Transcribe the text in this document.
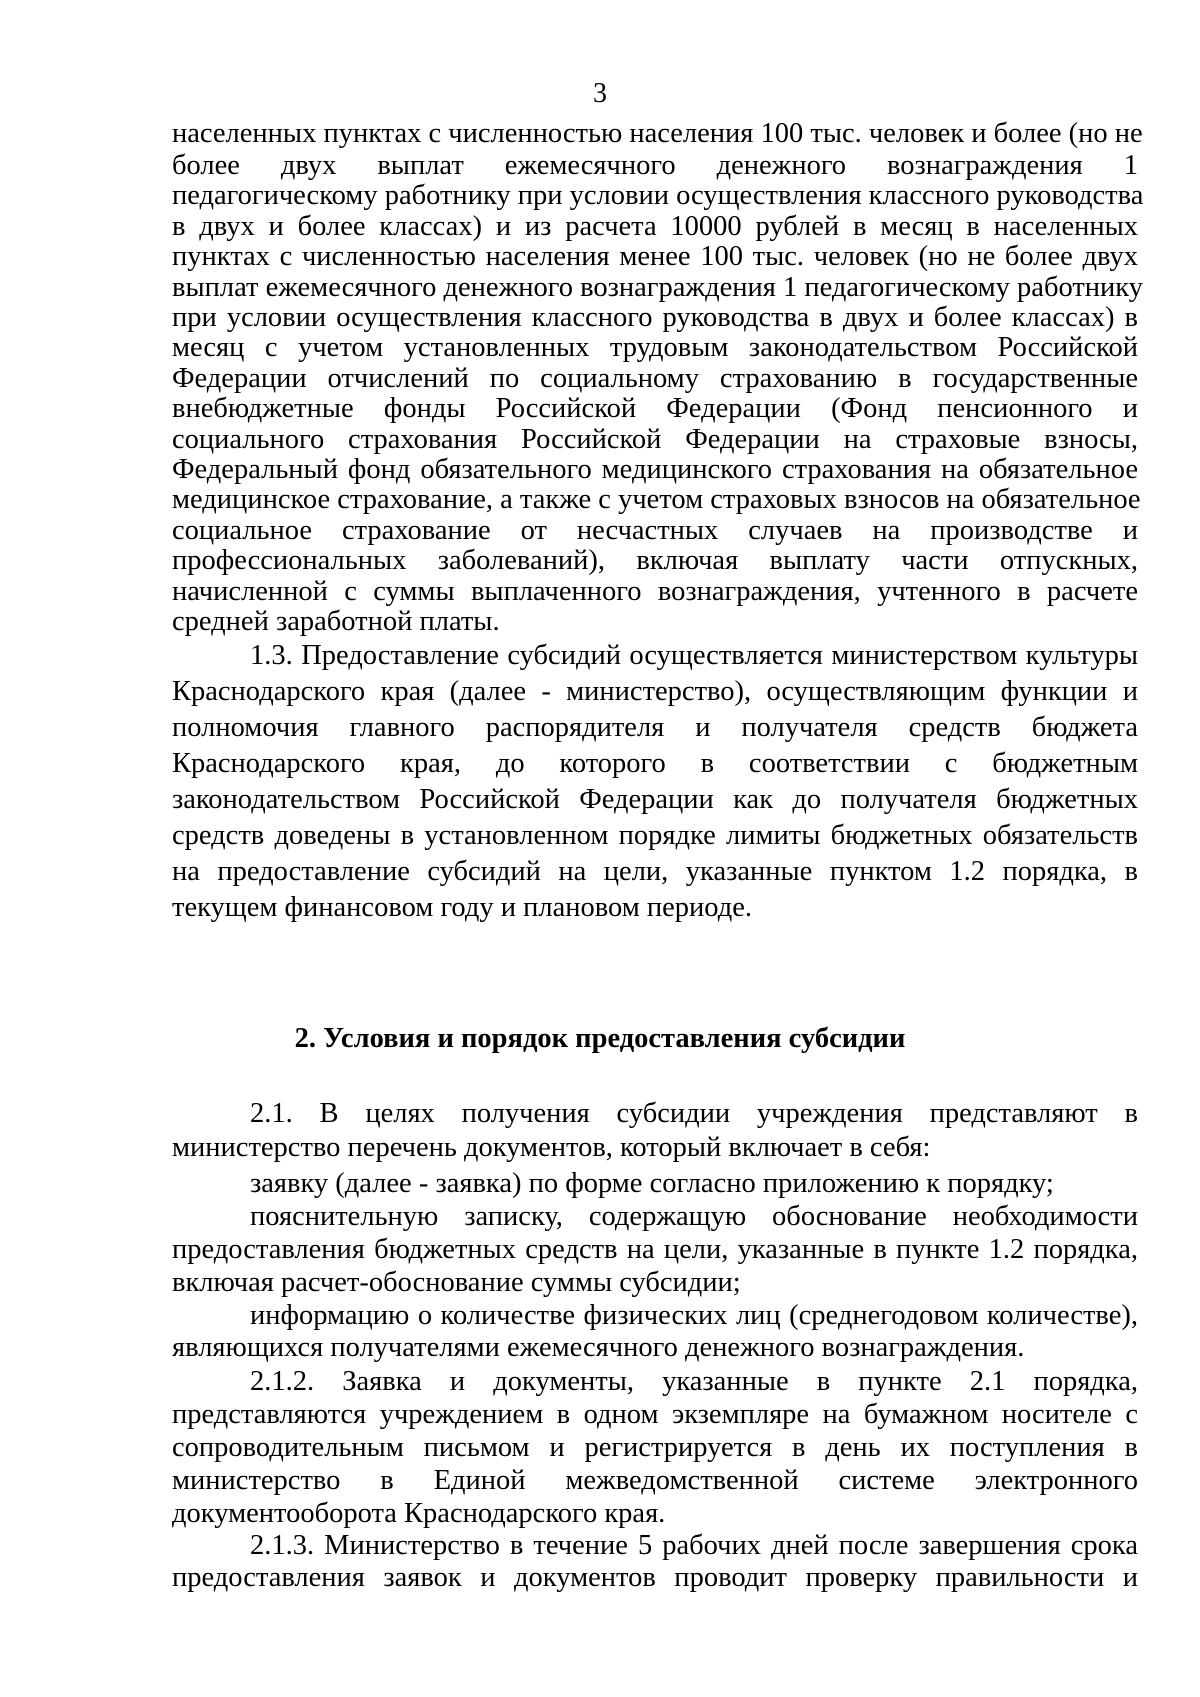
3
населенных пунктах с численностью населения 100 тыс. человек и более (но не
более двух выплат ежемесячного денежного вознаграждения 1
педагогическому работнику при условии осуществления классного руководства
в двух и более классах) и из расчета 10000 рублей в месяц в населенных
пунктах с численностью населения менее 100 тыс. человек (но не более двух
выплат ежемесячного денежного вознаграждения 1 педагогическому работнику
при условии осуществления классного руководства в двух и более классах) в
месяц с учетом установленных трудовым законодательством Российской
Федерации отчислений по социальному страхованию в государственные
внебюджетные фонды Российской Федерации (Фонд пенсионного и
социального страхования Российской Федерации на страховые взносы,
Федеральный фонд обязательного медицинского страхования на обязательное
медицинское страхование, а также с учетом страховых взносов на обязательное
социальное страхование от несчастных случаев на производстве и
профессиональных заболеваний), включая выплату части отпускных,
начисленной с суммы выплаченного вознаграждения, учтенного в расчете
средней заработной платы.
1.3. Предоставление субсидий осуществляется министерством культуры
Краснодарского края (далее - министерство), осуществляющим функции и
полномочия главного распорядителя и получателя средств бюджета
Краснодарского края, до которого в соответствии с бюджетным
законодательством Российской Федерации как до получателя бюджетных
средств доведены в установленном порядке лимиты бюджетных обязательств
на предоставление субсидий на цели, указанные пунктом 1.2 порядка, в
текущем финансовом году и плановом периоде.
2. Условия и порядок предоставления субсидии
2.1. В целях получения субсидии учреждения представляют в
министерство перечень документов, который включает в себя:
заявку (далее - заявка) по форме согласно приложению к порядку;
пояснительную записку, содержащую обоснование необходимости
предоставления бюджетных средств на цели, указанные в пункте 1.2 порядка,
включая расчет-обоснование суммы субсидии;
информацию о количестве физических лиц (среднегодовом количестве),
являющихся получателями ежемесячного денежного вознаграждения.
2.1.2. Заявка и документы, указанные в пункте 2.1 порядка,
представляются учреждением в одном экземпляре на бумажном носителе с
сопроводительным письмом и регистрируется в день их поступления в
министерство в Единой межведомственной системе электронного
документооборота Краснодарского края.
2.1.3. Министерство в течение 5 рабочих дней после завершения срока
предоставления заявок и документов проводит проверку правильности и
